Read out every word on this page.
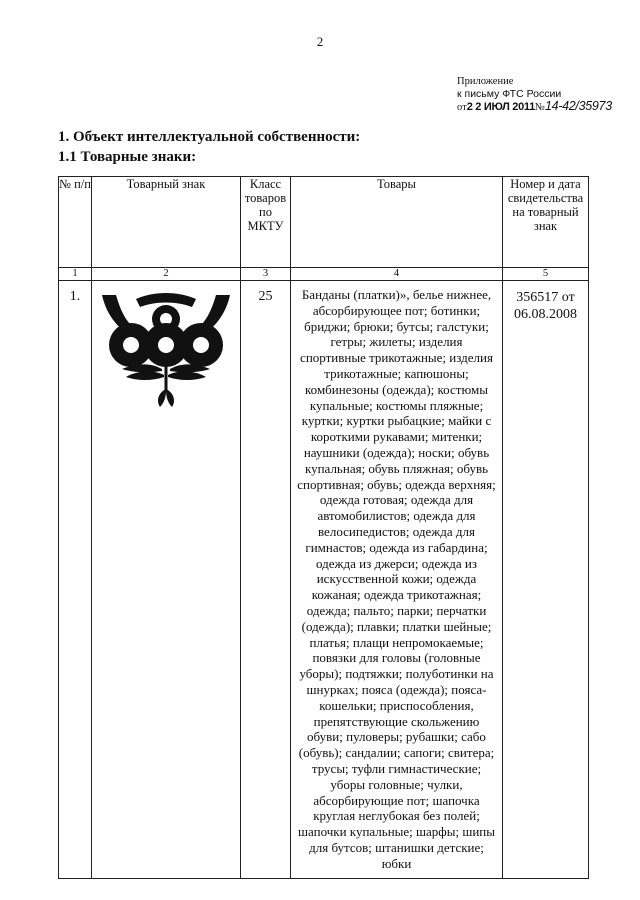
2
Приложение
к письму ФТС России
от2 2 ИЮЛ 2011№14-42/35973
1. Объект интеллектуальной собственности:
1.1 Товарные знаки:
№ п/п	Товарный знак	Класс товаров по МКТУ	Товары	Номер и дата свидетельства на товарный знак
1	2	3	4	5
1.		25	Банданы (платки)», белье нижнее, абсорбирующее пот; ботинки; бриджи; брюки; бутсы; галстуки; гетры; жилеты; изделия спортивные трикотажные; изделия трикотажные; капюшоны; комбинезоны (одежда); костюмы купальные; костюмы пляжные; куртки; куртки рыбацкие; майки с короткими рукавами; митенки; наушники (одежда); носки; обувь купальная; обувь пляжная; обувь спортивная; обувь; одежда верхняя; одежда готовая; одежда для автомобилистов; одежда для велосипедистов; одежда для гимнастов; одежда из габардина; одежда из джерси; одежда из искусственной кожи; одежда кожаная; одежда трикотажная; одежда; пальто; парки; перчатки (одежда); плавки; платки шейные; платья; плащи непромокаемые; повязки для головы (головные уборы); подтяжки; полуботинки на шнурках; пояса (одежда); пояса-кошельки; приспособления, препятствующие скольжению обуви; пуловеры; рубашки; сабо (обувь); сандалии; сапоги; свитера; трусы; туфли гимнастические; уборы головные; чулки, абсорбирующие пот; шапочка круглая неглубокая без полей; шапочки купальные; шарфы; шипы для бутсов; штанишки детские; юбки	356517 от 06.08.2008
